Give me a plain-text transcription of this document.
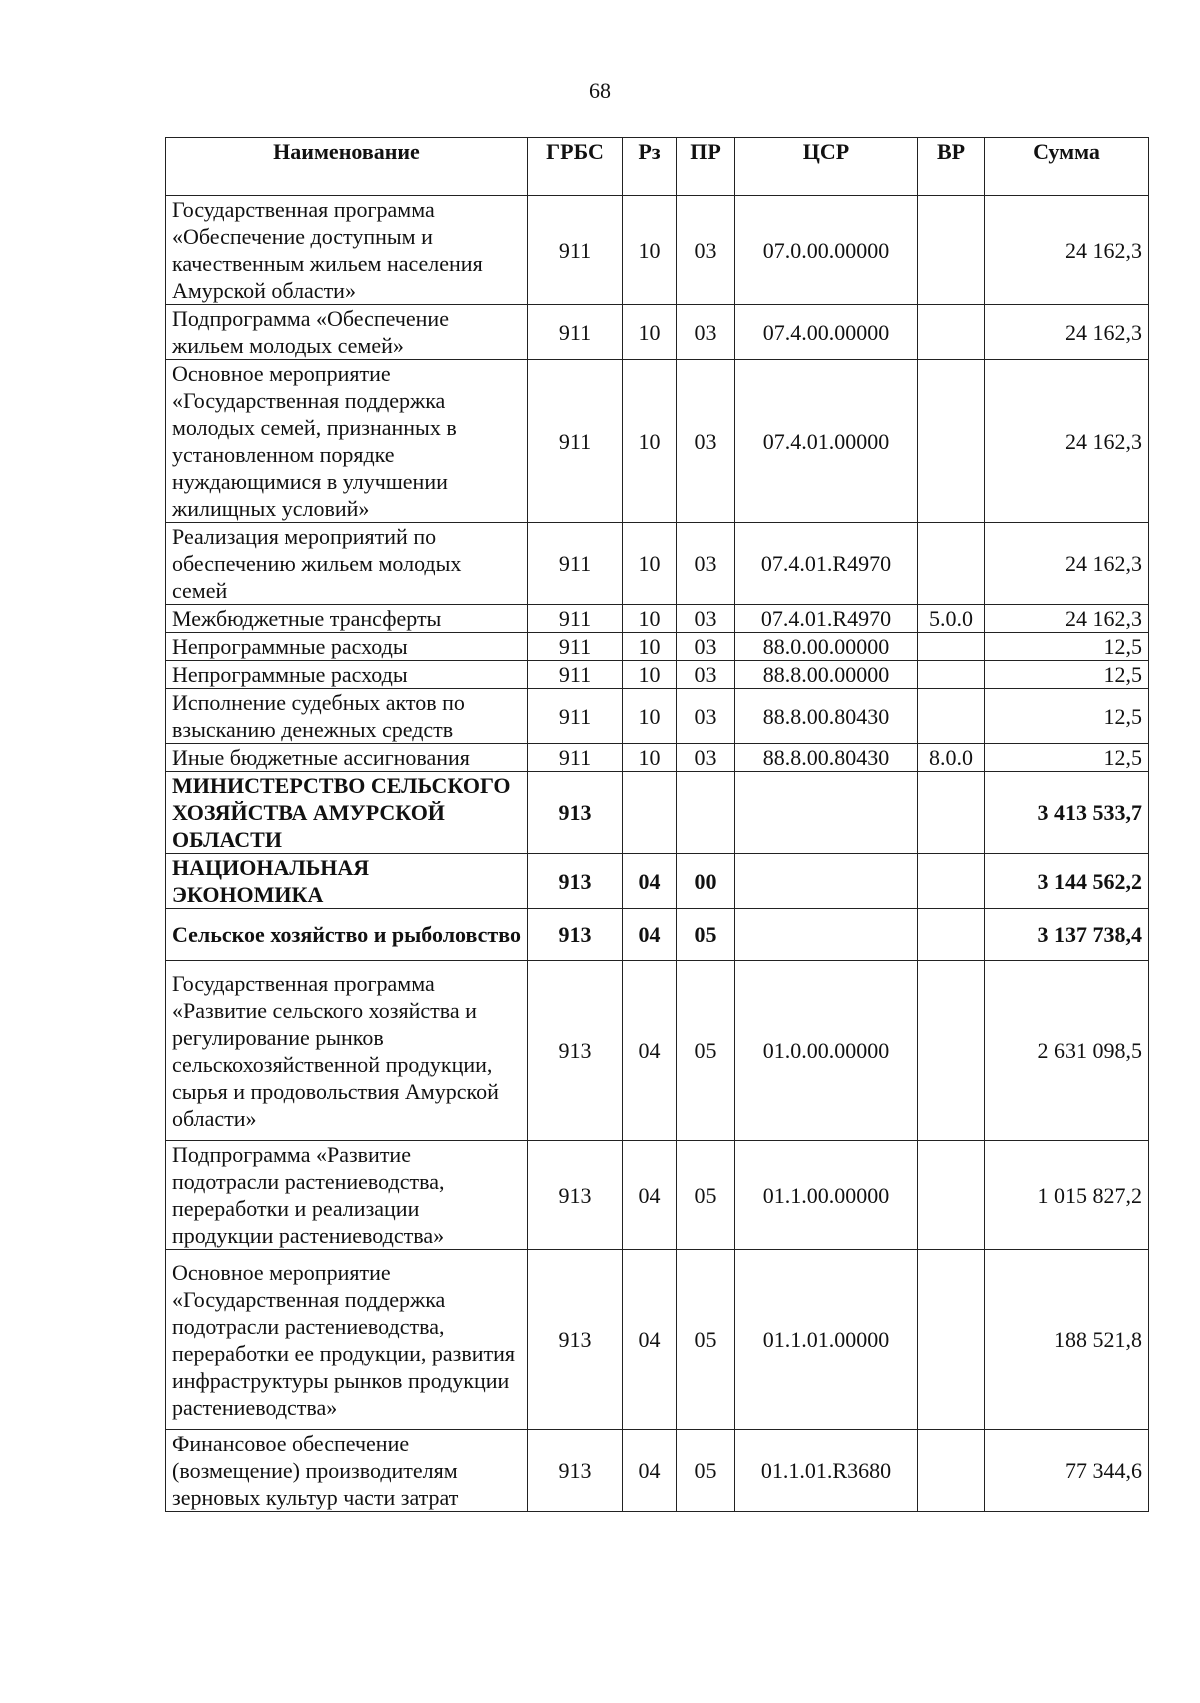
68
Наименование	ГРБС	Рз	ПР	ЦСР	ВР	Сумма
Государственная программа «Обеспечение доступным и качественным жильем населения Амурской области»	911	10	03	07.0.00.00000		24 162,3
Подпрограмма «Обеспечение жильем молодых семей»	911	10	03	07.4.00.00000		24 162,3
Основное мероприятие «Государственная поддержка молодых семей, признанных в установленном порядке нуждающимися в улучшении жилищных условий»	911	10	03	07.4.01.00000		24 162,3
Реализация мероприятий по обеспечению жильем молодых семей	911	10	03	07.4.01.R4970		24 162,3
Межбюджетные трансферты	911	10	03	07.4.01.R4970	5.0.0	24 162,3
Непрограммные расходы	911	10	03	88.0.00.00000		12,5
Непрограммные расходы	911	10	03	88.8.00.00000		12,5
Исполнение судебных актов по взысканию денежных средств	911	10	03	88.8.00.80430		12,5
Иные бюджетные ассигнования	911	10	03	88.8.00.80430	8.0.0	12,5
МИНИСТЕРСТВО СЕЛЬСКОГО ХОЗЯЙСТВА АМУРСКОЙ ОБЛАСТИ	913					3 413 533,7
НАЦИОНАЛЬНАЯ ЭКОНОМИКА	913	04	00			3 144 562,2
Сельское хозяйство и рыболовство	913	04	05			3 137 738,4
Государственная программа «Развитие сельского хозяйства и регулирование рынков сельскохозяйственной продукции, сырья и продовольствия Амурской области»	913	04	05	01.0.00.00000		2 631 098,5
Подпрограмма «Развитие подотрасли растениеводства, переработки и реализации продукции растениеводства»	913	04	05	01.1.00.00000		1 015 827,2
Основное мероприятие «Государственная поддержка подотрасли растениеводства, переработки ее продукции, развития инфраструктуры рынков продукции растениеводства»	913	04	05	01.1.01.00000		188 521,8
Финансовое обеспечение (возмещение) производителям зерновых культур части затрат	913	04	05	01.1.01.R3680		77 344,6
